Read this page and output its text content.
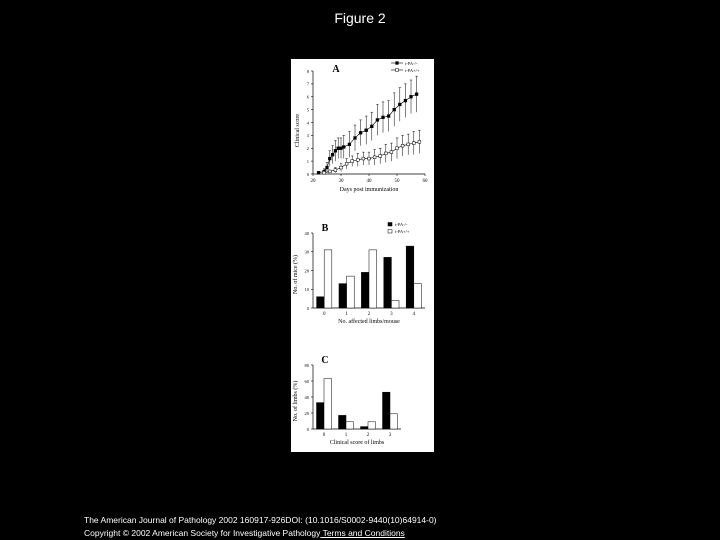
Figure 2
0
1
2
3
4
5
6
7
8
20	30	40	50	60
A
Days post immunization
Clinical score
t-PA-/-
t-PA+/+
0
10
20
30
40
0	1	2	3	4
B
No. affected limbs/mouse
No. of mice (%)
t-PA-/-
t-PA+/+
0
20
40
60
80
0	1	2	3
C
Clinical score of limbs
No. of limbs (%)
The American Journal of Pathology 2002 160917-926DOI: (10.1016/S0002-9440(10)64914-0)
Copyright © 2002 American Society for Investigative Pathology Terms and Conditions
